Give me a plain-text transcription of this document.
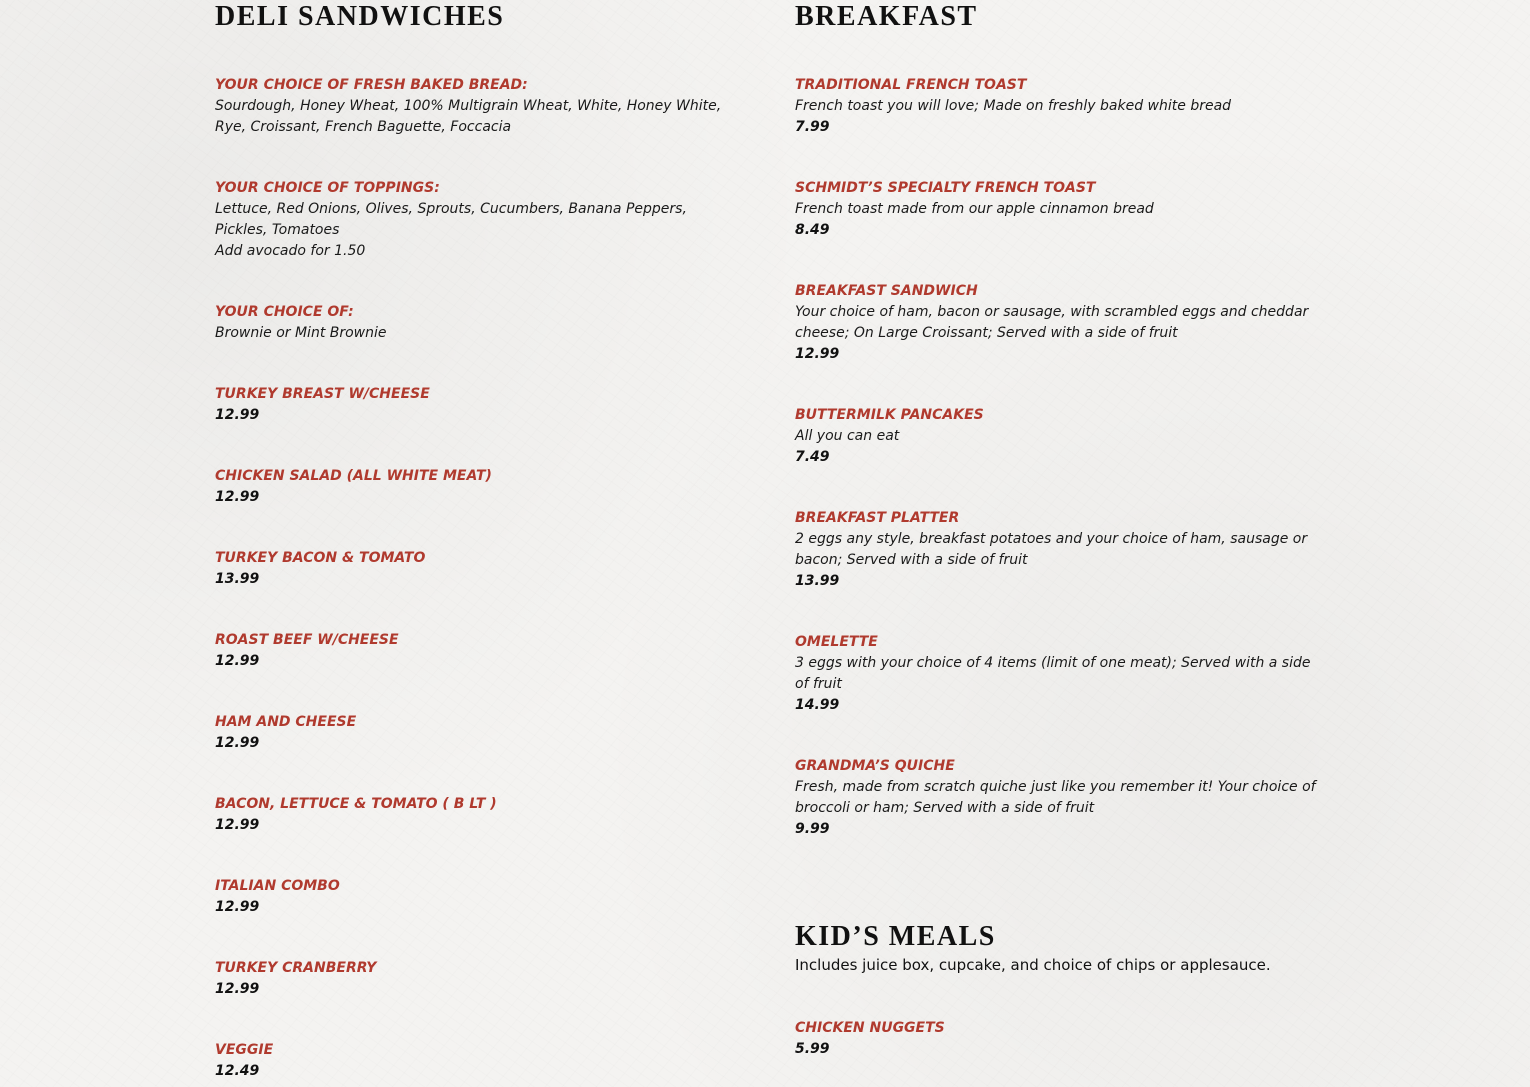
DELI SANDWICHES
YOUR CHOICE OF FRESH BAKED BREAD:
Sourdough, Honey Wheat, 100% Multigrain Wheat, White, Honey White, Rye, Croissant, French Baguette, Foccacia
YOUR CHOICE OF TOPPINGS:
Lettuce, Red Onions, Olives, Sprouts, Cucumbers, Banana Peppers, Pickles, Tomatoes
Add avocado for 1.50
YOUR CHOICE OF:
Brownie or Mint Brownie
TURKEY BREAST W/CHEESE
12.99
CHICKEN SALAD (ALL WHITE MEAT)
12.99
TURKEY BACON & TOMATO
13.99
ROAST BEEF W/CHEESE
12.99
HAM AND CHEESE
12.99
BACON, LETTUCE & TOMATO ( B LT )
12.99
ITALIAN COMBO
12.99
TURKEY CRANBERRY
12.99
VEGGIE
12.49
BREAKFAST
TRADITIONAL FRENCH TOAST
French toast you will love; Made on freshly baked white bread
7.99
SCHMIDT’S SPECIALTY FRENCH TOAST
French toast made from our apple cinnamon bread
8.49
BREAKFAST SANDWICH
Your choice of ham, bacon or sausage, with scrambled eggs and cheddar cheese; On Large Croissant; Served with a side of fruit
12.99
BUTTERMILK PANCAKES
All you can eat
7.49
BREAKFAST PLATTER
2 eggs any style, breakfast potatoes and your choice of ham, sausage or bacon; Served with a side of fruit
13.99
OMELETTE
3 eggs with your choice of 4 items (limit of one meat); Served with a side of fruit
14.99
GRANDMA’S QUICHE
Fresh, made from scratch quiche just like you remember it! Your choice of broccoli or ham; Served with a side of fruit
9.99
KID’S MEALS
Includes juice box, cupcake, and choice of chips or applesauce.
CHICKEN NUGGETS
5.99
